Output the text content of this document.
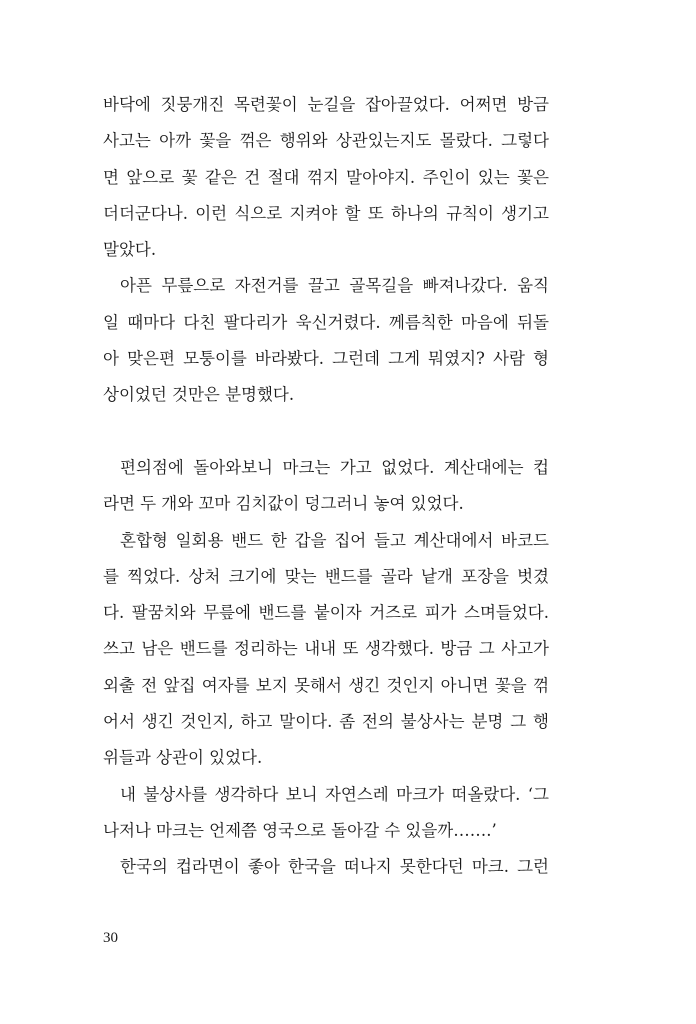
바닥에 짓뭉개진 목련꽃이 눈길을 잡아끌었다. 어쩌면 방금
사고는 아까 꽃을 꺾은 행위와 상관있는지도 몰랐다. 그렇다
면 앞으로 꽃 같은 건 절대 꺾지 말아야지. 주인이 있는 꽃은
더더군다나. 이런 식으로 지켜야 할 또 하나의 규칙이 생기고
말았다.
아픈 무릎으로 자전거를 끌고 골목길을 빠져나갔다. 움직
일 때마다 다친 팔다리가 욱신거렸다. 께름칙한 마음에 뒤돌
아 맞은편 모퉁이를 바라봤다. 그런데 그게 뭐였지? 사람 형
상이었던 것만은 분명했다.
편의점에 돌아와보니 마크는 가고 없었다. 계산대에는 컵
라면 두 개와 꼬마 김치값이 덩그러니 놓여 있었다.
혼합형 일회용 밴드 한 갑을 집어 들고 계산대에서 바코드
를 찍었다. 상처 크기에 맞는 밴드를 골라 낱개 포장을 벗겼
다. 팔꿈치와 무릎에 밴드를 붙이자 거즈로 피가 스며들었다.
쓰고 남은 밴드를 정리하는 내내 또 생각했다. 방금 그 사고가
외출 전 앞집 여자를 보지 못해서 생긴 것인지 아니면 꽃을 꺾
어서 생긴 것인지, 하고 말이다. 좀 전의 불상사는 분명 그 행
위들과 상관이 있었다.
내 불상사를 생각하다 보니 자연스레 마크가 떠올랐다. ‘그
나저나 마크는 언제쯤 영국으로 돌아갈 수 있을까…….’
한국의 컵라면이 좋아 한국을 떠나지 못한다던 마크. 그런
30
